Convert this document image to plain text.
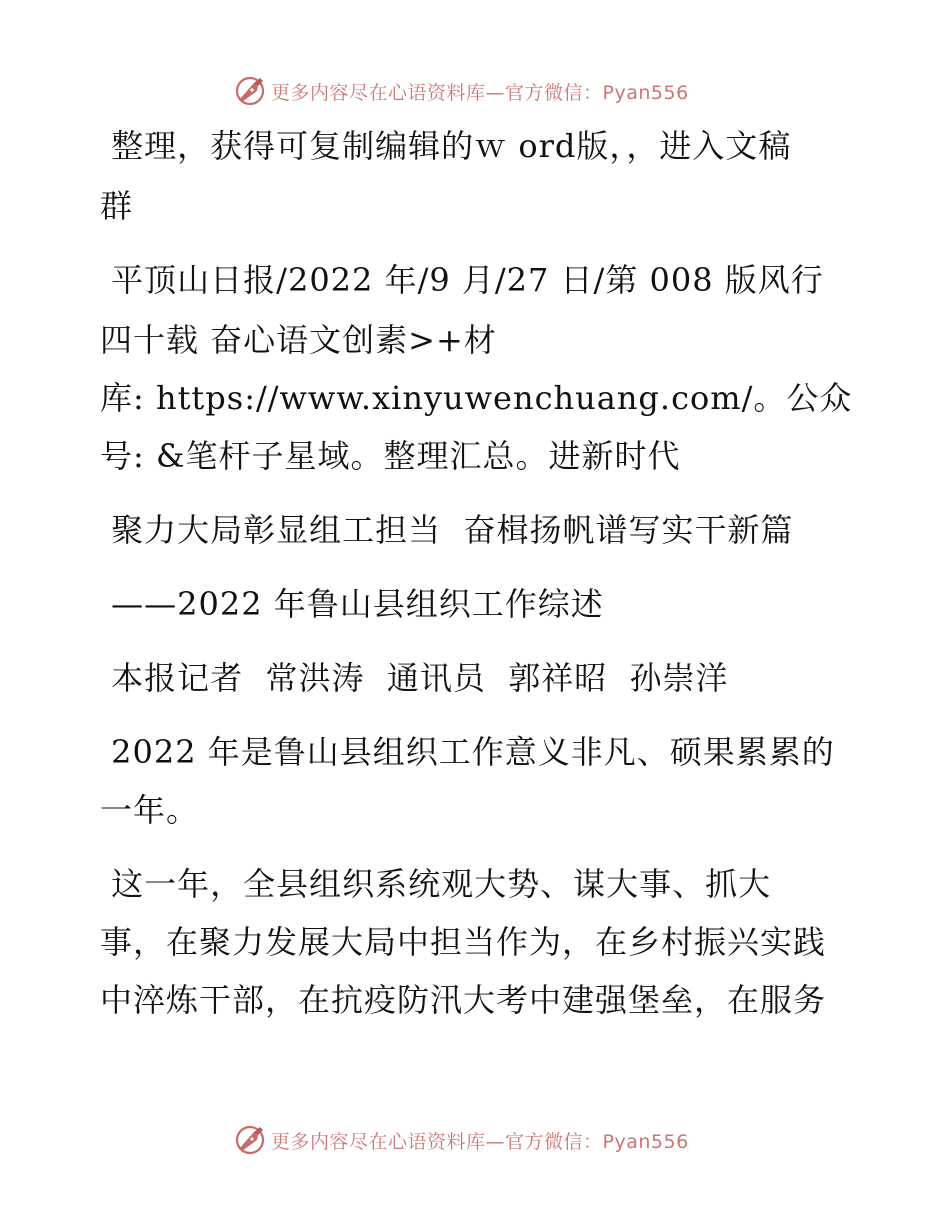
更多内容尽在心语资料库—官方微信：Pyan556
整理，获得可复制编辑的ｗ ord版，，进入文稿
群
平顶山日报/2022 年/9 月/27 日/第 008 版风行
四十载 奋心语文创素>+材
库: https://www.xinyuwenchuang.com/。公众
号: &笔杆子星域。整理汇总。进新时代
聚力大局彰显组工担当  奋楫扬帆谱写实干新篇
——2022 年鲁山县组织工作综述
本报记者  常洪涛  通讯员  郭祥昭  孙崇洋
2022 年是鲁山县组织工作意义非凡、硕果累累的
一年。
这一年，全县组织系统观大势、谋大事、抓大
事，在聚力发展大局中担当作为，在乡村振兴实践
中淬炼干部，在抗疫防汛大考中建强堡垒，在服务
更多内容尽在心语资料库—官方微信：Pyan556
